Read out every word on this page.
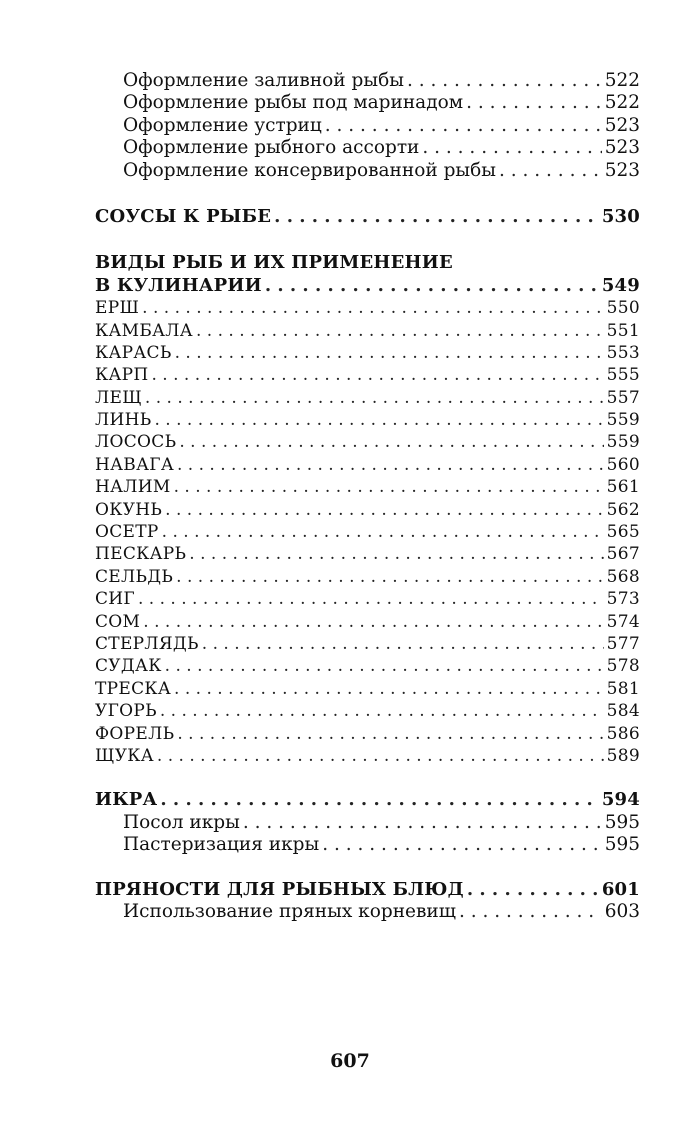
Оформление заливной рыбы . . .	522
Оформление рыбы под маринадом . . .	522
Оформление устриц . . .	523
Оформление рыбного ассорти . . .	523
Оформление консервированной рыбы . . .	523
СОУСЫ К РЫБЕ . . .	530
ВИДЫ РЫБ И ИХ ПРИМЕНЕНИЕ
В КУЛИНАРИИ . . .	549
ЕРШ . . .	550
КАМБАЛА . . .	551
КАРАСЬ . . .	553
КАРП . . .	555
ЛЕЩ . . .	557
ЛИНЬ . . .	559
ЛОСОСЬ . . .	559
НАВАГА . . .	560
НАЛИМ . . .	561
ОКУНЬ . . .	562
ОСЕТР . . .	565
ПЕСКАРЬ . . .	567
СЕЛЬДЬ . . .	568
СИГ . . .	573
СОМ . . .	574
СТЕРЛЯДЬ . . .	577
СУДАК . . .	578
ТРЕСКА . . .	581
УГОРЬ . . .	584
ФОРЕЛЬ . . .	586
ЩУКА . . .	589
ИКРА . . .	594
Посол икры . . .	595
Пастеризация икры . . .	595
ПРЯНОСТИ ДЛЯ РЫБНЫХ БЛЮД . . .	601
Использование пряных корневищ . . .	603
607
